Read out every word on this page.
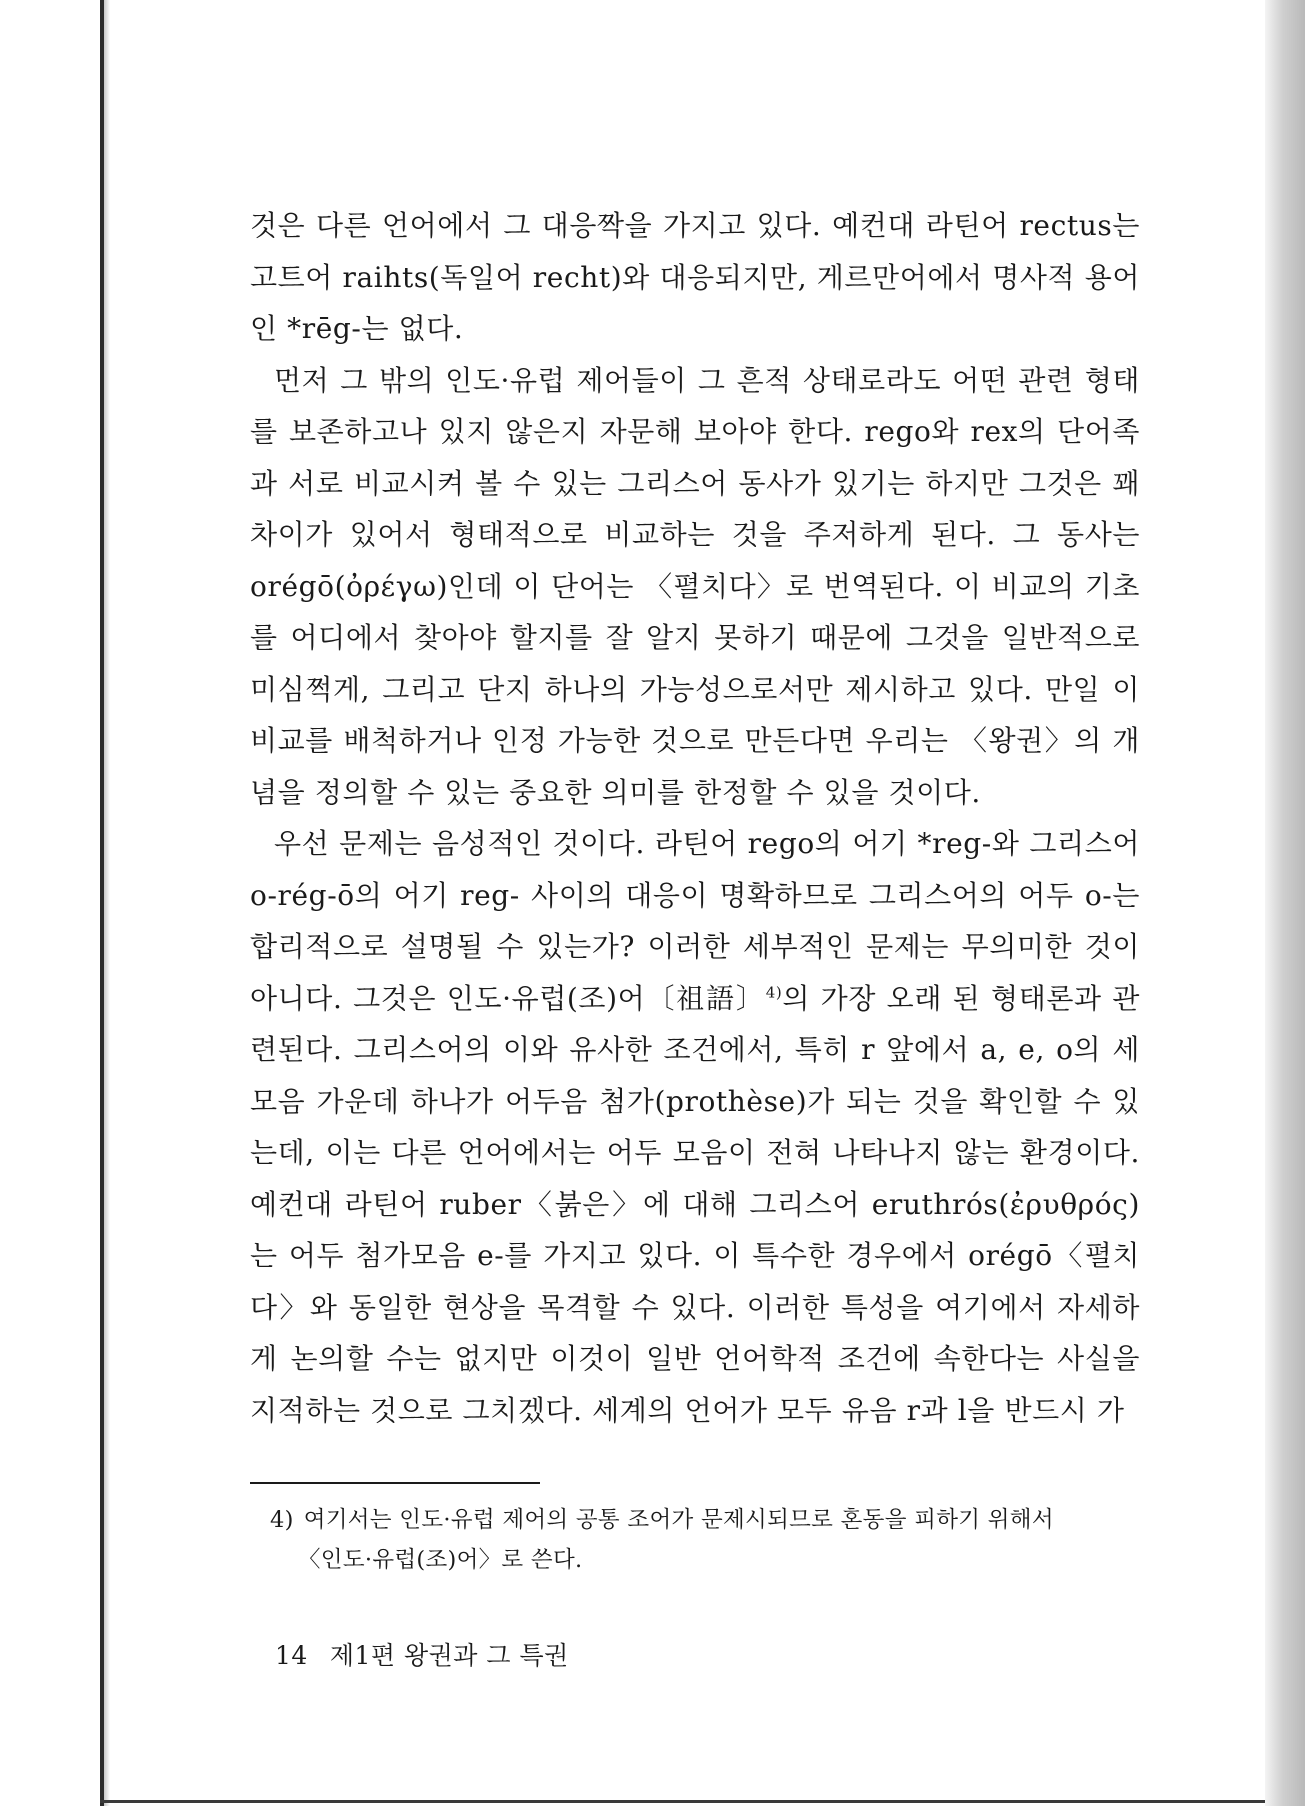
것은 다른 언어에서 그 대응짝을 가지고 있다. 예컨대 라틴어 rectus는 고트어 raihts(독일어 recht)와 대응되지만, 게르만어에서 명사적 용어인 *rēg-는 없다.

먼저 그 밖의 인도·유럽 제어들이 그 흔적 상태로라도 어떤 관련 형태를 보존하고나 있지 않은지 자문해 보아야 한다. rego와 rex의 단어족과 서로 비교시켜 볼 수 있는 그리스어 동사가 있기는 하지만 그것은 꽤 차이가 있어서 형태적으로 비교하는 것을 주저하게 된다. 그 동사는 orégō(ὀρέγω)인데 이 단어는 〈펼치다〉로 번역된다. 이 비교의 기초를 어디에서 찾아야 할지를 잘 알지 못하기 때문에 그것을 일반적으로 미심쩍게, 그리고 단지 하나의 가능성으로서만 제시하고 있다. 만일 이 비교를 배척하거나 인정 가능한 것으로 만든다면 우리는 〈왕권〉의 개념을 정의할 수 있는 중요한 의미를 한정할 수 있을 것이다.

우선 문제는 음성적인 것이다. 라틴어 rego의 어기 *reg-와 그리스어 o-rég-ō의 어기 reg- 사이의 대응이 명확하므로 그리스어의 어두 o-는 합리적으로 설명될 수 있는가? 이러한 세부적인 문제는 무의미한 것이 아니다. 그것은 인도·유럽(조)어〔祖語〕$^{4)}$의 가장 오래 된 형태론과 관련된다. 그리스어의 이와 유사한 조건에서, 특히 r 앞에서 a, e, o의 세 모음 가운데 하나가 어두음 첨가(prothèse)가 되는 것을 확인할 수 있는데, 이는 다른 언어에서는 어두 모음이 전혀 나타나지 않는 환경이다. 예컨대 라틴어 ruber〈붉은〉에 대해 그리스어 eruthrós(ἐρυθρός)는 어두 첨가모음 e-를 가지고 있다. 이 특수한 경우에서 orégō〈펼치다〉와 동일한 현상을 목격할 수 있다. 이러한 특성을 여기에서 자세하게 논의할 수는 없지만 이것이 일반 언어학적 조건에 속한다는 사실을 지적하는 것으로 그치겠다. 세계의 언어가 모두 유음 r과 l을 반드시 가

4) 여기서는 인도·유럽 제어의 공통 조어가 문제시되므로 혼동을 피하기 위해서
〈인도·유럽(조)어〉로 쓴다.

14 제1편 왕권과 그 특권
